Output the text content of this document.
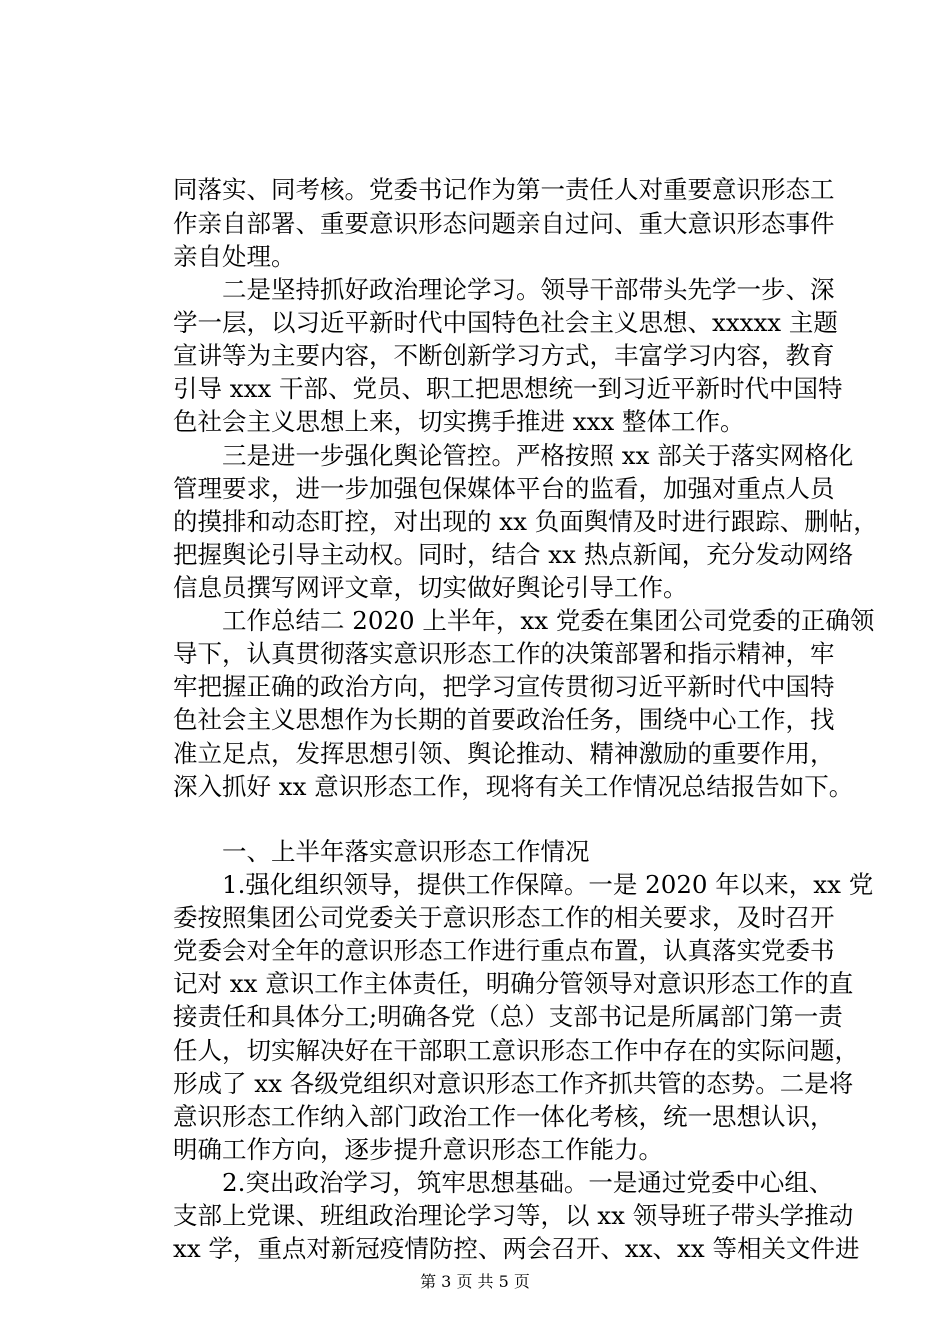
同落实、同考核。党委书记作为第一责任人对重要意识形态工
作亲自部署、重要意识形态问题亲自过问、重大意识形态事件
亲自处理。
二是坚持抓好政治理论学习。领导干部带头先学一步、深
学一层，以习近平新时代中国特色社会主义思想、xxxxx 主题
宣讲等为主要内容，不断创新学习方式，丰富学习内容，教育
引导 xxx 干部、党员、职工把思想统一到习近平新时代中国特
色社会主义思想上来，切实携手推进 xxx 整体工作。
三是进一步强化舆论管控。严格按照 xx 部关于落实网格化
管理要求，进一步加强包保媒体平台的监看，加强对重点人员
的摸排和动态盯控，对出现的 xx 负面舆情及时进行跟踪、删帖，
把握舆论引导主动权。同时，结合 xx 热点新闻，充分发动网络
信息员撰写网评文章，切实做好舆论引导工作。
工作总结二 2020 上半年，xx 党委在集团公司党委的正确领
导下，认真贯彻落实意识形态工作的决策部署和指示精神，牢
牢把握正确的政治方向，把学习宣传贯彻习近平新时代中国特
色社会主义思想作为长期的首要政治任务，围绕中心工作，找
准立足点，发挥思想引领、舆论推动、精神激励的重要作用，
深入抓好 xx 意识形态工作，现将有关工作情况总结报告如下。
一、上半年落实意识形态工作情况
1.强化组织领导，提供工作保障。一是 2020 年以来，xx 党
委按照集团公司党委关于意识形态工作的相关要求，及时召开
党委会对全年的意识形态工作进行重点布置，认真落实党委书
记对 xx 意识工作主体责任，明确分管领导对意识形态工作的直
接责任和具体分工;明确各党（总）支部书记是所属部门第一责
任人，切实解决好在干部职工意识形态工作中存在的实际问题，
形成了 xx 各级党组织对意识形态工作齐抓共管的态势。二是将
意识形态工作纳入部门政治工作一体化考核，统一思想认识，
明确工作方向，逐步提升意识形态工作能力。
2.突出政治学习，筑牢思想基础。一是通过党委中心组、
支部上党课、班组政治理论学习等，以 xx 领导班子带头学推动
xx 学，重点对新冠疫情防控、两会召开、xx、xx 等相关文件进
第 3 页 共 5 页
